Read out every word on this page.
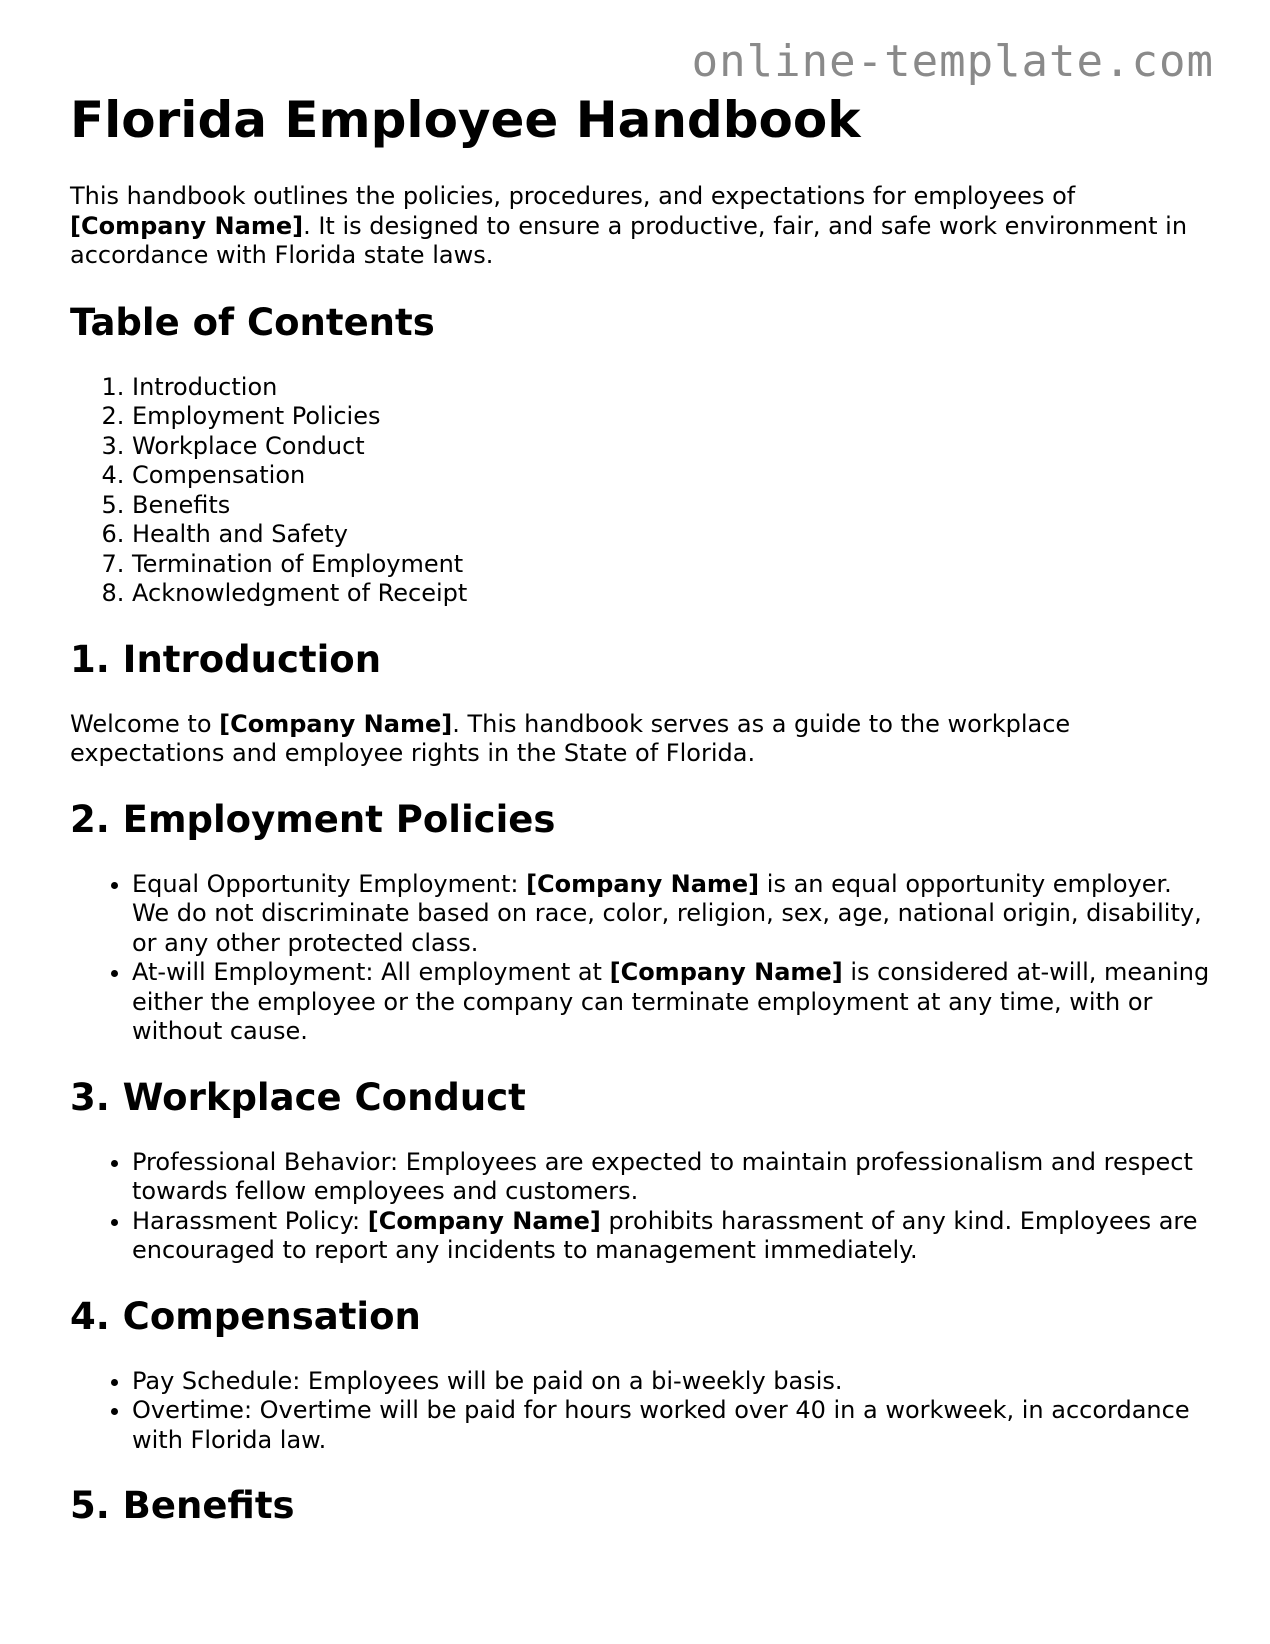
online-template.com
Florida Employee Handbook

This handbook outlines the policies, procedures, and expectations for employees of [Company Name]. It is designed to ensure a productive, fair, and safe work environment in accordance with Florida state laws.

Table of Contents
1. Introduction
2. Employment Policies
3. Workplace Conduct
4. Compensation
5. Benefits
6. Health and Safety
7. Termination of Employment
8. Acknowledgment of Receipt
1. Introduction

Welcome to [Company Name]. This handbook serves as a guide to the workplace expectations and employee rights in the State of Florida.

2. Employment Policies
• Equal Opportunity Employment: [Company Name] is an equal opportunity employer. We do not discriminate based on race, color, religion, sex, age, national origin, disability, or any other protected class.
• At-will Employment: All employment at [Company Name] is considered at-will, meaning either the employee or the company can terminate employment at any time, with or without cause.
3. Workplace Conduct
• Professional Behavior: Employees are expected to maintain professionalism and respect towards fellow employees and customers.
• Harassment Policy: [Company Name] prohibits harassment of any kind. Employees are encouraged to report any incidents to management immediately.
4. Compensation
• Pay Schedule: Employees will be paid on a bi-weekly basis.
• Overtime: Overtime will be paid for hours worked over 40 in a workweek, in accordance with Florida law.
5. Benefits
